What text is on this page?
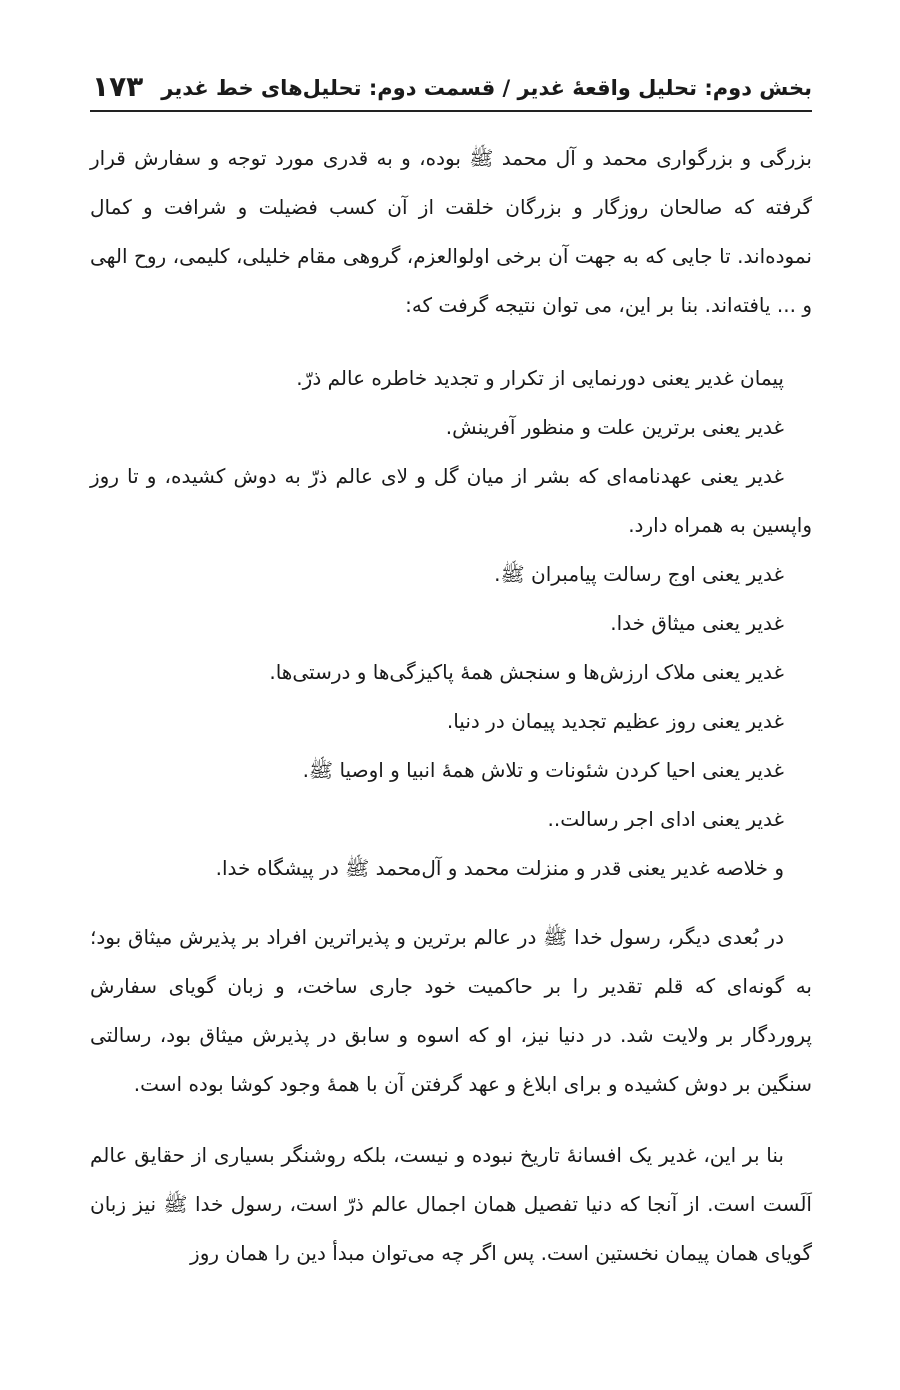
بخش دوم: تحلیل واقعهٔ غدیر / قسمت دوم: تحلیل‌های خط غدیر
۱۷۳

بزرگی و بزرگواری محمد و آل محمد ﷺ بوده، و به قدری مورد توجه و سفارش قرار گرفته که صالحان روزگار و بزرگان خلقت از آن کسب فضیلت و شرافت و کمال نموده‌اند. تا جایی که به جهت آن برخی اولوالعزم، گروهی مقام خلیلی، کلیمی، روح الهی و ... یافته‌اند. بنا بر این، می توان نتیجه گرفت که:

پیمان غدیر یعنی دورنمایی از تکرار و تجدید خاطره عالم ذرّ.

غدیر یعنی برترین علت و منظور آفرینش.

غدیر یعنی عهدنامه‌ای که بشر از میان گل و لای عالم ذرّ به دوش کشیده، و تا روز واپسین به همراه دارد.

غدیر یعنی اوج رسالت پیامبران ﷺ.

غدیر یعنی میثاق خدا.

غدیر یعنی ملاک ارزش‌ها و سنجش همهٔ پاکیزگی‌ها و درستی‌ها.

غدیر یعنی روز عظیم تجدید پیمان در دنیا.

غدیر یعنی احیا کردن شئونات و تلاش همهٔ انبیا و اوصیا ﷺ.

غدیر یعنی ادای اجر رسالت..

و خلاصه غدیر یعنی قدر و منزلت محمد و آل‌محمد ﷺ در پیشگاه خدا.

در بُعدی دیگر، رسول خدا ﷺ در عالم برترین و پذیراترین افراد بر پذیرش میثاق بود؛ به گونه‌ای که قلم تقدیر را بر حاکمیت خود جاری ساخت، و زبان گویای سفارش پروردگار بر ولایت شد. در دنیا نیز، او که اسوه و سابق در پذیرش میثاق بود، رسالتی سنگین بر دوش کشیده و برای ابلاغ و عهد گرفتن آن با همهٔ وجود کوشا بوده است.

بنا بر این، غدیر یک افسانهٔ تاریخ نبوده و نیست، بلکه روشنگر بسیاری از حقایق عالم اَلَست است. از آنجا که دنیا تفصیل همان اجمال عالم ذرّ است، رسول خدا ﷺ نیز زبان گویای همان پیمان نخستین است. پس اگر چه می‌توان مبدأ دین را همان روز
